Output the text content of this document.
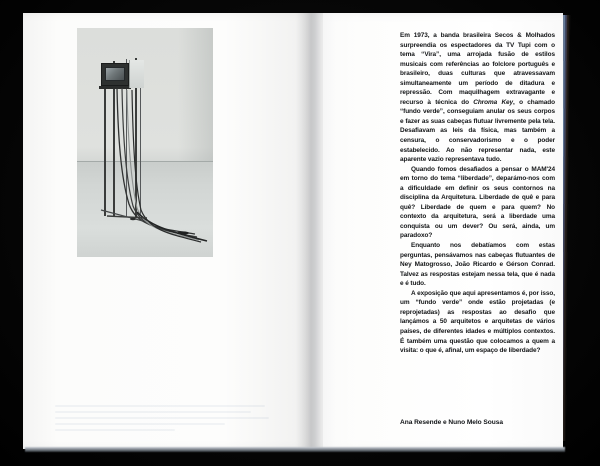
Em 1973, a banda brasileira Secos & Molhados surpreendia os espectadores da TV Tupi com o tema “Vira”, uma arrojada fusão de estilos musicais com referências ao folclore português e brasileiro, duas culturas que atravessavam simultaneamente um período de ditadura e repressão. Com maquilhagem extravagante e recurso à técnica do Chroma Key, o chamado “fundo verde”, conseguiam anular os seus corpos e fazer as suas cabeças flutuar livremente pela tela. Desafiavam as leis da física, mas também a censura, o conservadorismo e o poder estabelecido. Ao não representar nada, este aparente vazio representava tudo.

Quando fomos desafiados a pensar o MAM'24 em torno do tema “liberdade”, deparámo-nos com a dificuldade em definir os seus contornos na disciplina da Arquitetura. Liberdade de quê e para quê? Liberdade de quem e para quem? No contexto da arquitetura, será a liberdade uma conquista ou um dever? Ou será, ainda, um paradoxo?

Enquanto nos debatíamos com estas perguntas, pensávamos nas cabeças flutuantes de Ney Matogrosso, João Ricardo e Gérson Conrad. Talvez as respostas estejam nessa tela, que é nada e é tudo.

A exposição que aqui apresentamos é, por isso, um “fundo verde” onde estão projetadas (e reprojetadas) as respostas ao desafio que lançámos a 50 arquitetos e arquitetas de vários países, de diferentes idades e múltiplos contextos. É também uma questão que colocamos a quem a visita: o que é, afinal, um espaço de liberdade?

Ana Resende e Nuno Melo Sousa
